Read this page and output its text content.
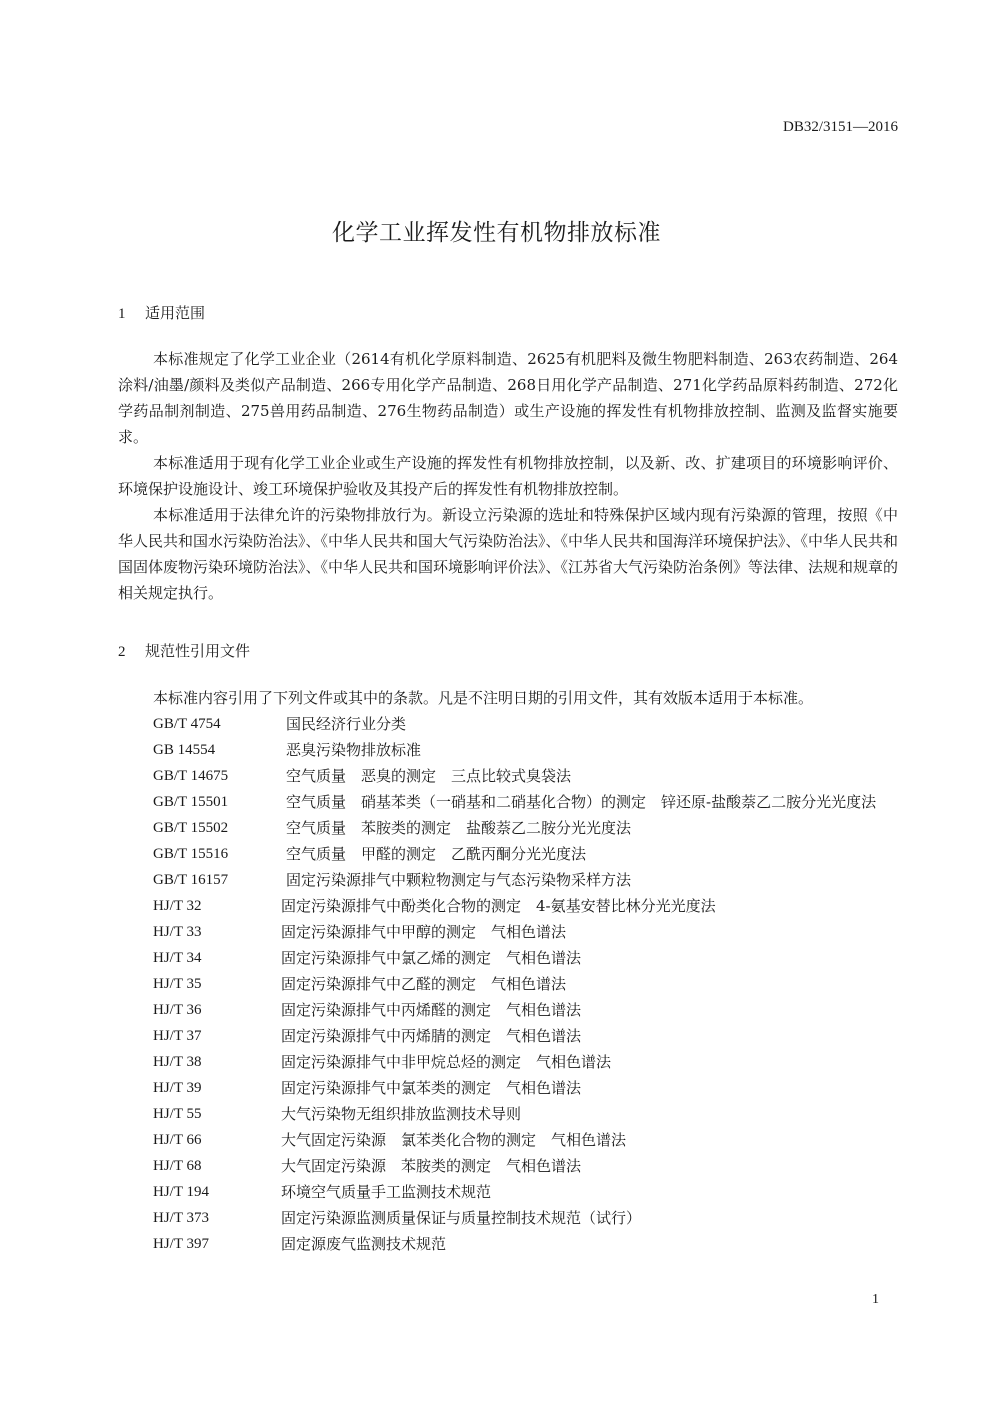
DB32/3151—2016
化学工业挥发性有机物排放标准
1 适用范围

本标准规定了化学工业企业（2614有机化学原料制造、2625有机肥料及微生物肥料制造、263农药制造、264涂料/油墨/颜料及类似产品制造、266专用化学产品制造、268日用化学产品制造、271化学药品原料药制造、272化学药品制剂制造、275兽用药品制造、276生物药品制造）或生产设施的挥发性有机物排放控制、监测及监督实施要求。

本标准适用于现有化学工业企业或生产设施的挥发性有机物排放控制，以及新、改、扩建项目的环境影响评价、环境保护设施设计、竣工环境保护验收及其投产后的挥发性有机物排放控制。

本标准适用于法律允许的污染物排放行为。新设立污染源的选址和特殊保护区域内现有污染源的管理，按照《中华人民共和国水污染防治法》、《中华人民共和国大气污染防治法》、《中华人民共和国海洋环境保护法》、《中华人民共和国固体废物污染环境防治法》、《中华人民共和国环境影响评价法》、《江苏省大气污染防治条例》等法律、法规和规章的相关规定执行。

2 规范性引用文件
本标准内容引用了下列文件或其中的条款。凡是不注明日期的引用文件，其有效版本适用于本标准。
GB/T 4754	国民经济行业分类
GB 14554	恶臭污染物排放标准
GB/T 14675	空气质量　恶臭的测定　三点比较式臭袋法
GB/T 15501	空气质量　硝基苯类（一硝基和二硝基化合物）的测定　锌还原-盐酸萘乙二胺分光光度法
GB/T 15502	空气质量　苯胺类的测定　盐酸萘乙二胺分光光度法
GB/T 15516	空气质量　甲醛的测定　乙酰丙酮分光光度法
GB/T 16157	固定污染源排气中颗粒物测定与气态污染物采样方法
HJ/T 32	固定污染源排气中酚类化合物的测定　4-氨基安替比林分光光度法
HJ/T 33	固定污染源排气中甲醇的测定　气相色谱法
HJ/T 34	固定污染源排气中氯乙烯的测定　气相色谱法
HJ/T 35	固定污染源排气中乙醛的测定　气相色谱法
HJ/T 36	固定污染源排气中丙烯醛的测定　气相色谱法
HJ/T 37	固定污染源排气中丙烯腈的测定　气相色谱法
HJ/T 38	固定污染源排气中非甲烷总烃的测定　气相色谱法
HJ/T 39	固定污染源排气中氯苯类的测定　气相色谱法
HJ/T 55	大气污染物无组织排放监测技术导则
HJ/T 66	大气固定污染源　氯苯类化合物的测定　气相色谱法
HJ/T 68	大气固定污染源　苯胺类的测定　气相色谱法
HJ/T 194	环境空气质量手工监测技术规范
HJ/T 373	固定污染源监测质量保证与质量控制技术规范（试行）
HJ/T 397	固定源废气监测技术规范
1
